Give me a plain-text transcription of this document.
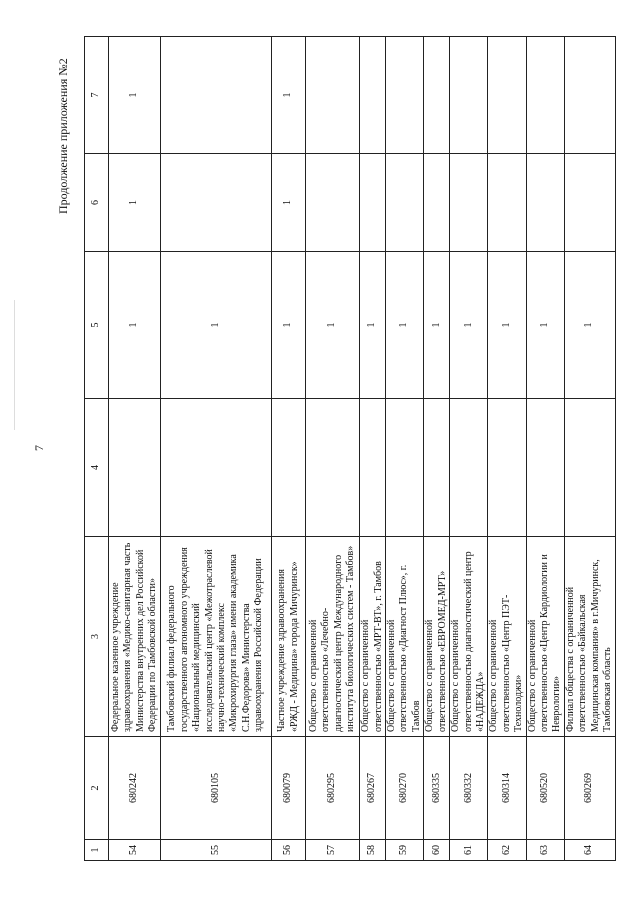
7
Продолжение приложения №2
1	2	3	4	5	6	7
54	680242	Федеральное казенное учреждение здравоохранения «Медико-санитарная часть Министерства внутренних дел Российской Федерации по Тамбовской области»		1	1	1
55	680105	Тамбовский филиал федерального государственного автономного учреждения «Национальный медицинский исследовательский центр «Межотраслевой научно-технический комплекс «Микрохирургия глаза» имени академика С.Н.Федорова» Министерства здравоохранения Российской Федерации		1		
56	680079	Частное учреждение здравоохранения «РЖД - Медицина» города Мичуринск»		1	1	1
57	680295	Общество с ограниченной ответственностью «Лечебно-диагностический центр Международного института биологических систем - Тамбов»		1		
58	680267	Общество с ограниченной ответственностью «МРТ-ВТ», г. Тамбов		1		
59	680270	Общество с ограниченной ответственностью «Диагност Плюс», г. Тамбов		1		
60	680335	Общество с ограниченной ответственностью «ЕВРОМЕД-МРТ»		1		
61	680332	Общество с ограниченной ответственностью диагностический центр «НАДЕЖДА»		1		
62	680314	Общество с ограниченной ответственностью «Центр ПЭТ-Технолоджи»		1		
63	680520	Общество с ограниченной ответственностью «Центр Кардиологии и Неврологии»		1		
64	680269	Филиал общества с ограниченной ответственностью «Байкальская Медицинская компания» в г.Мичуринск, Тамбовская область		1		
